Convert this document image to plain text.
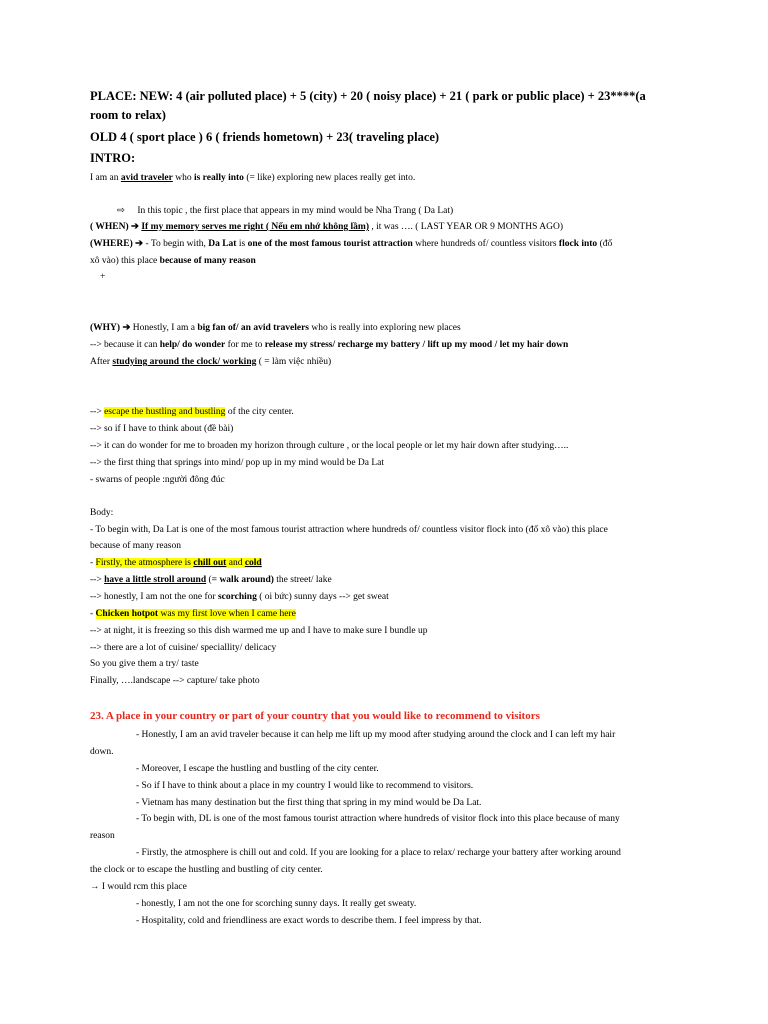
PLACE: NEW: 4 (air polluted place) + 5 (city) + 20 ( noisy place) + 21 ( park or public place) + 23****(a
room to relax)
OLD 4 ( sport place ) 6 ( friends hometown) + 23( traveling place)
INTRO:
I am an avid traveler who is really into (= like) exploring new places really get into.
⇨ In this topic , the first place that appears in my mind would be Nha Trang ( Da Lat)
( WHEN) ➔ If my memory serves me right ( Nếu em nhớ không lầm) , it was …. ( LAST YEAR OR 9 MONTHS AGO)
(WHERE) ➔ - To begin with, Da Lat is one of the most famous tourist attraction where hundreds of/ countless visitors flock into (đổ
xô vào) this place because of many reason
+
(WHY) ➔ Honestly, I am a big fan of/ an avid travelers who is really into exploring new places
--> because it can help/ do wonder for me to release my stress/ recharge my battery / lift up my mood / let my hair down
After studying around the clock/ working ( = làm việc nhiều)
--> escape the hustling and bustling of the city center.
--> so if I have to think about (đề bài)
--> it can do wonder for me to broaden my horizon through culture , or the local people or let my hair down after studying…..
--> the first thing that springs into mind/ pop up in my mind would be Da Lat
- swarns of people :người đông đúc
Body:
- To begin with, Da Lat is one of the most famous tourist attraction where hundreds of/ countless visitor flock into (đổ xô vào) this place
because of many reason
- Firstly, the atmosphere is chill out and cold
--> have a little stroll around (= walk around) the street/ lake
--> honestly, I am not the one for scorching ( oi bức) sunny days --> get sweat
- Chicken hotpot was my first love when I came here
--> at night, it is freezing so this dish warmed me up and I have to make sure I bundle up
--> there are a lot of cuisine/ speciallity/ delicacy
So you give them a try/ taste
Finally, ….landscape --> capture/ take photo
23. A place in your country or part of your country that you would like to recommend to visitors
- Honestly, I am an avid traveler because it can help me lift up my mood after studying around the clock and I can left my hair
down.
- Moreover, I escape the hustling and bustling of the city center.
- So if I have to think about a place in my country I would like to recommend to visitors.
- Vietnam has many destination but the first thing that spring in my mind would be Da Lat.
- To begin with, DL is one of the most famous tourist attraction where hundreds of visitor flock into this place because of many
reason
- Firstly, the atmosphere is chill out and cold. If you are looking for a place to relax/ recharge your battery after working around
the clock or to escape the hustling and bustling of city center.
→ I would rcm this place
- honestly, I am not the one for scorching sunny days. It really get sweaty.
- Hospitality, cold and friendliness are exact words to describe them. I feel impress by that.
